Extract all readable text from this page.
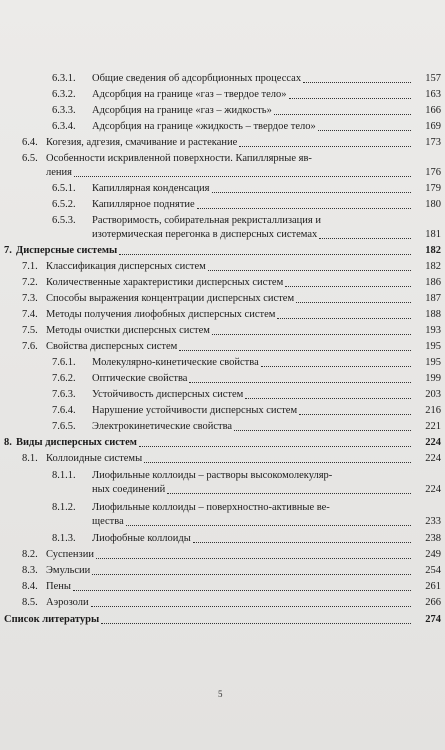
6.3.1. Общие сведения об адсорбционных процессах	157
6.3.2. Адсорбция на границе «газ – твердое тело»	163
6.3.3. Адсорбция на границе «газ – жидкость»	166
6.3.4. Адсорбция на границе «жидкость – твердое тело»	169
6.4. Когезия, адгезия, смачивание и растекание	173
6.5. Особенности искривленной поверхности. Капиллярные яв-
ления	176
6.5.1. Капиллярная конденсация	179
6.5.2. Капиллярное поднятие	180
6.5.3. Растворимость, собирательная рекристаллизация и
изотермическая перегонка в дисперсных системах	181
7. Дисперсные системы	182
7.1. Классификация дисперсных систем	182
7.2. Количественные характеристики дисперсных систем	186
7.3. Способы выражения концентрации дисперсных систем	187
7.4. Методы получения лиофобных дисперсных систем	188
7.5. Методы очистки дисперсных систем	193
7.6. Свойства дисперсных систем	195
7.6.1. Молекулярно-кинетические свойства	195
7.6.2. Оптические свойства	199
7.6.3. Устойчивость дисперсных систем	203
7.6.4. Нарушение устойчивости дисперсных систем	216
7.6.5. Электрокинетические свойства	221
8. Виды дисперсных систем	224
8.1. Коллоидные системы	224
8.1.1. Лиофильные коллоиды – растворы высокомолекуляр-
ных соединений	224
8.1.2. Лиофильные коллоиды – поверхностно-активные ве-
щества	233
8.1.3. Лиофобные коллоиды	238
8.2. Суспензии	249
8.3. Эмульсии	254
8.4. Пены	261
8.5. Аэрозоли	266
Список литературы	274
5
